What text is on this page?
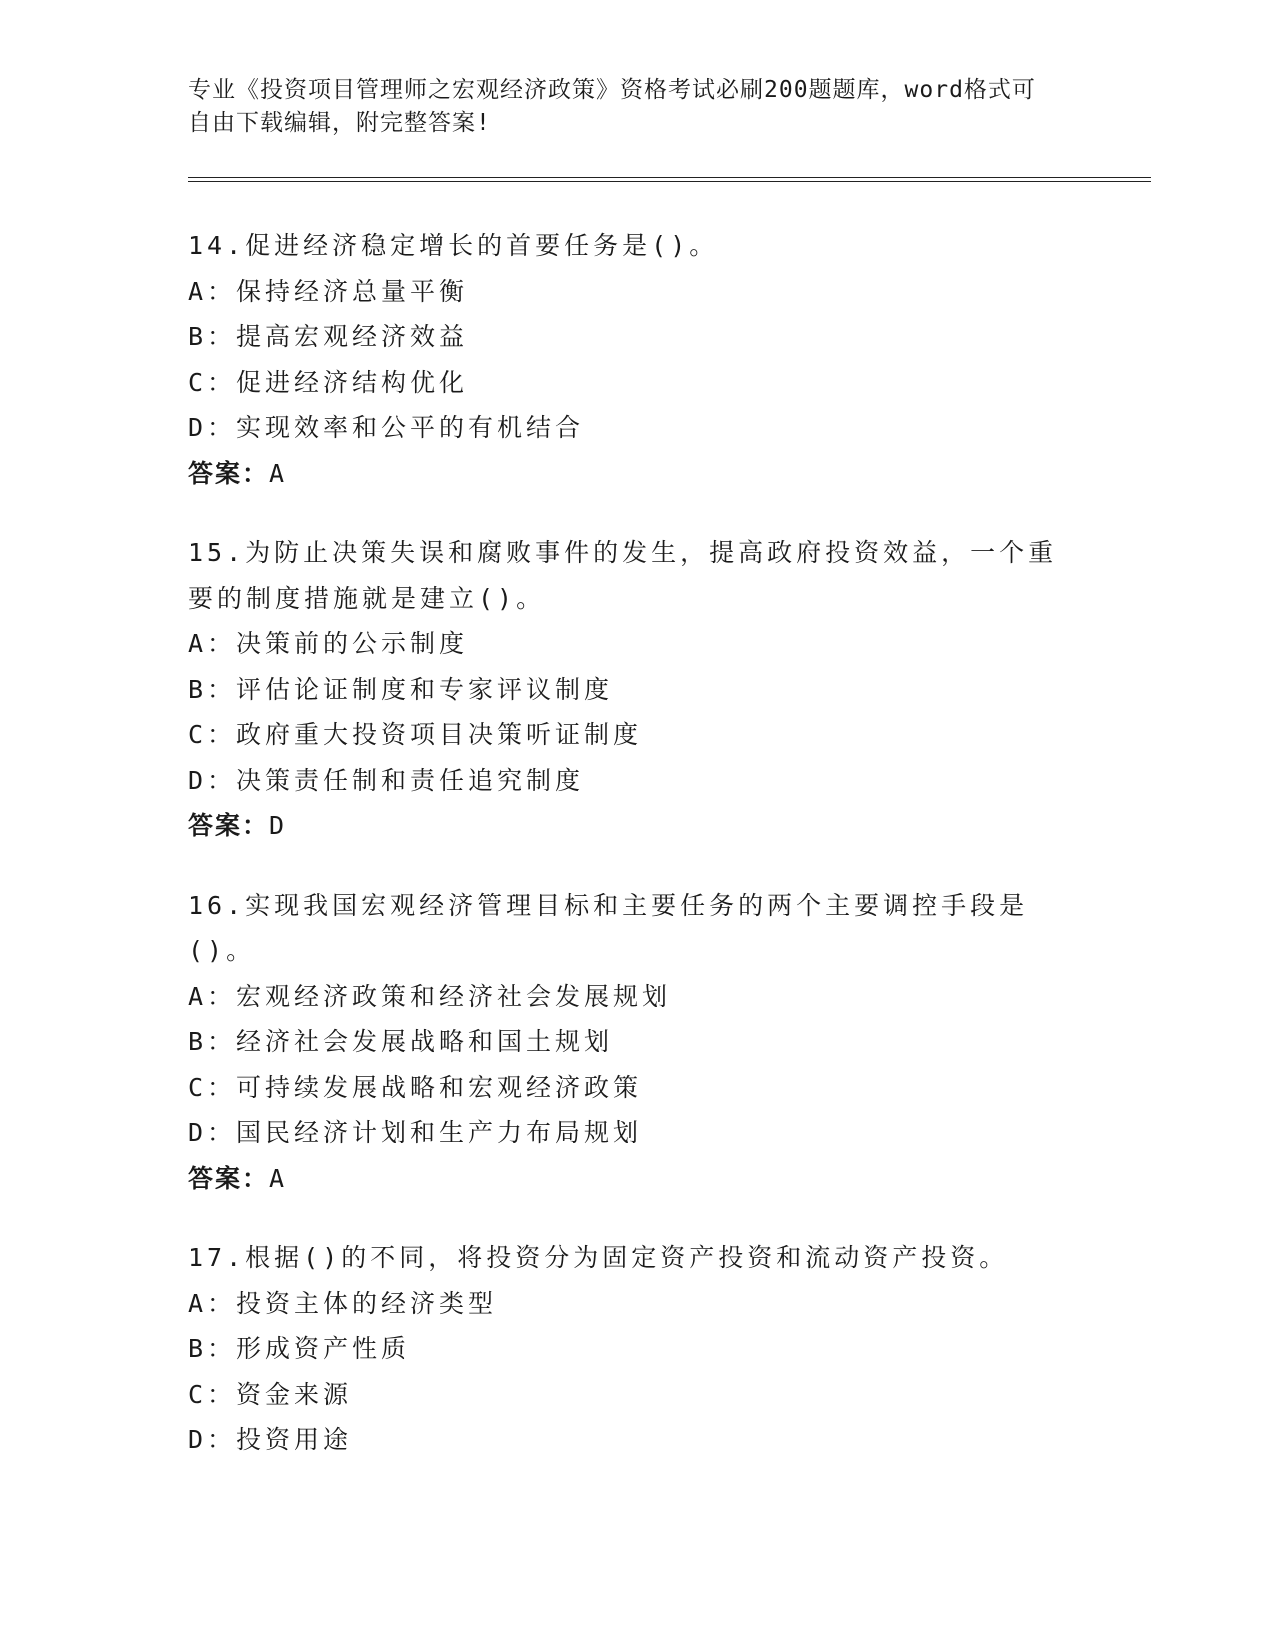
专业《投资项目管理师之宏观经济政策》资格考试必刷200题题库，word格式可
自由下载编辑，附完整答案!
14.促进经济稳定增长的首要任务是()。
A：保持经济总量平衡
B：提高宏观经济效益
C：促进经济结构优化
D：实现效率和公平的有机结合
答案：A
15.为防止决策失误和腐败事件的发生，提高政府投资效益，一个重要的制度措施就是建立()。
A：决策前的公示制度
B：评估论证制度和专家评议制度
C：政府重大投资项目决策听证制度
D：决策责任制和责任追究制度
答案：D
16.实现我国宏观经济管理目标和主要任务的两个主要调控手段是()。
A：宏观经济政策和经济社会发展规划
B：经济社会发展战略和国土规划
C：可持续发展战略和宏观经济政策
D：国民经济计划和生产力布局规划
答案：A
17.根据()的不同，将投资分为固定资产投资和流动资产投资。
A：投资主体的经济类型
B：形成资产性质
C：资金来源
D：投资用途
